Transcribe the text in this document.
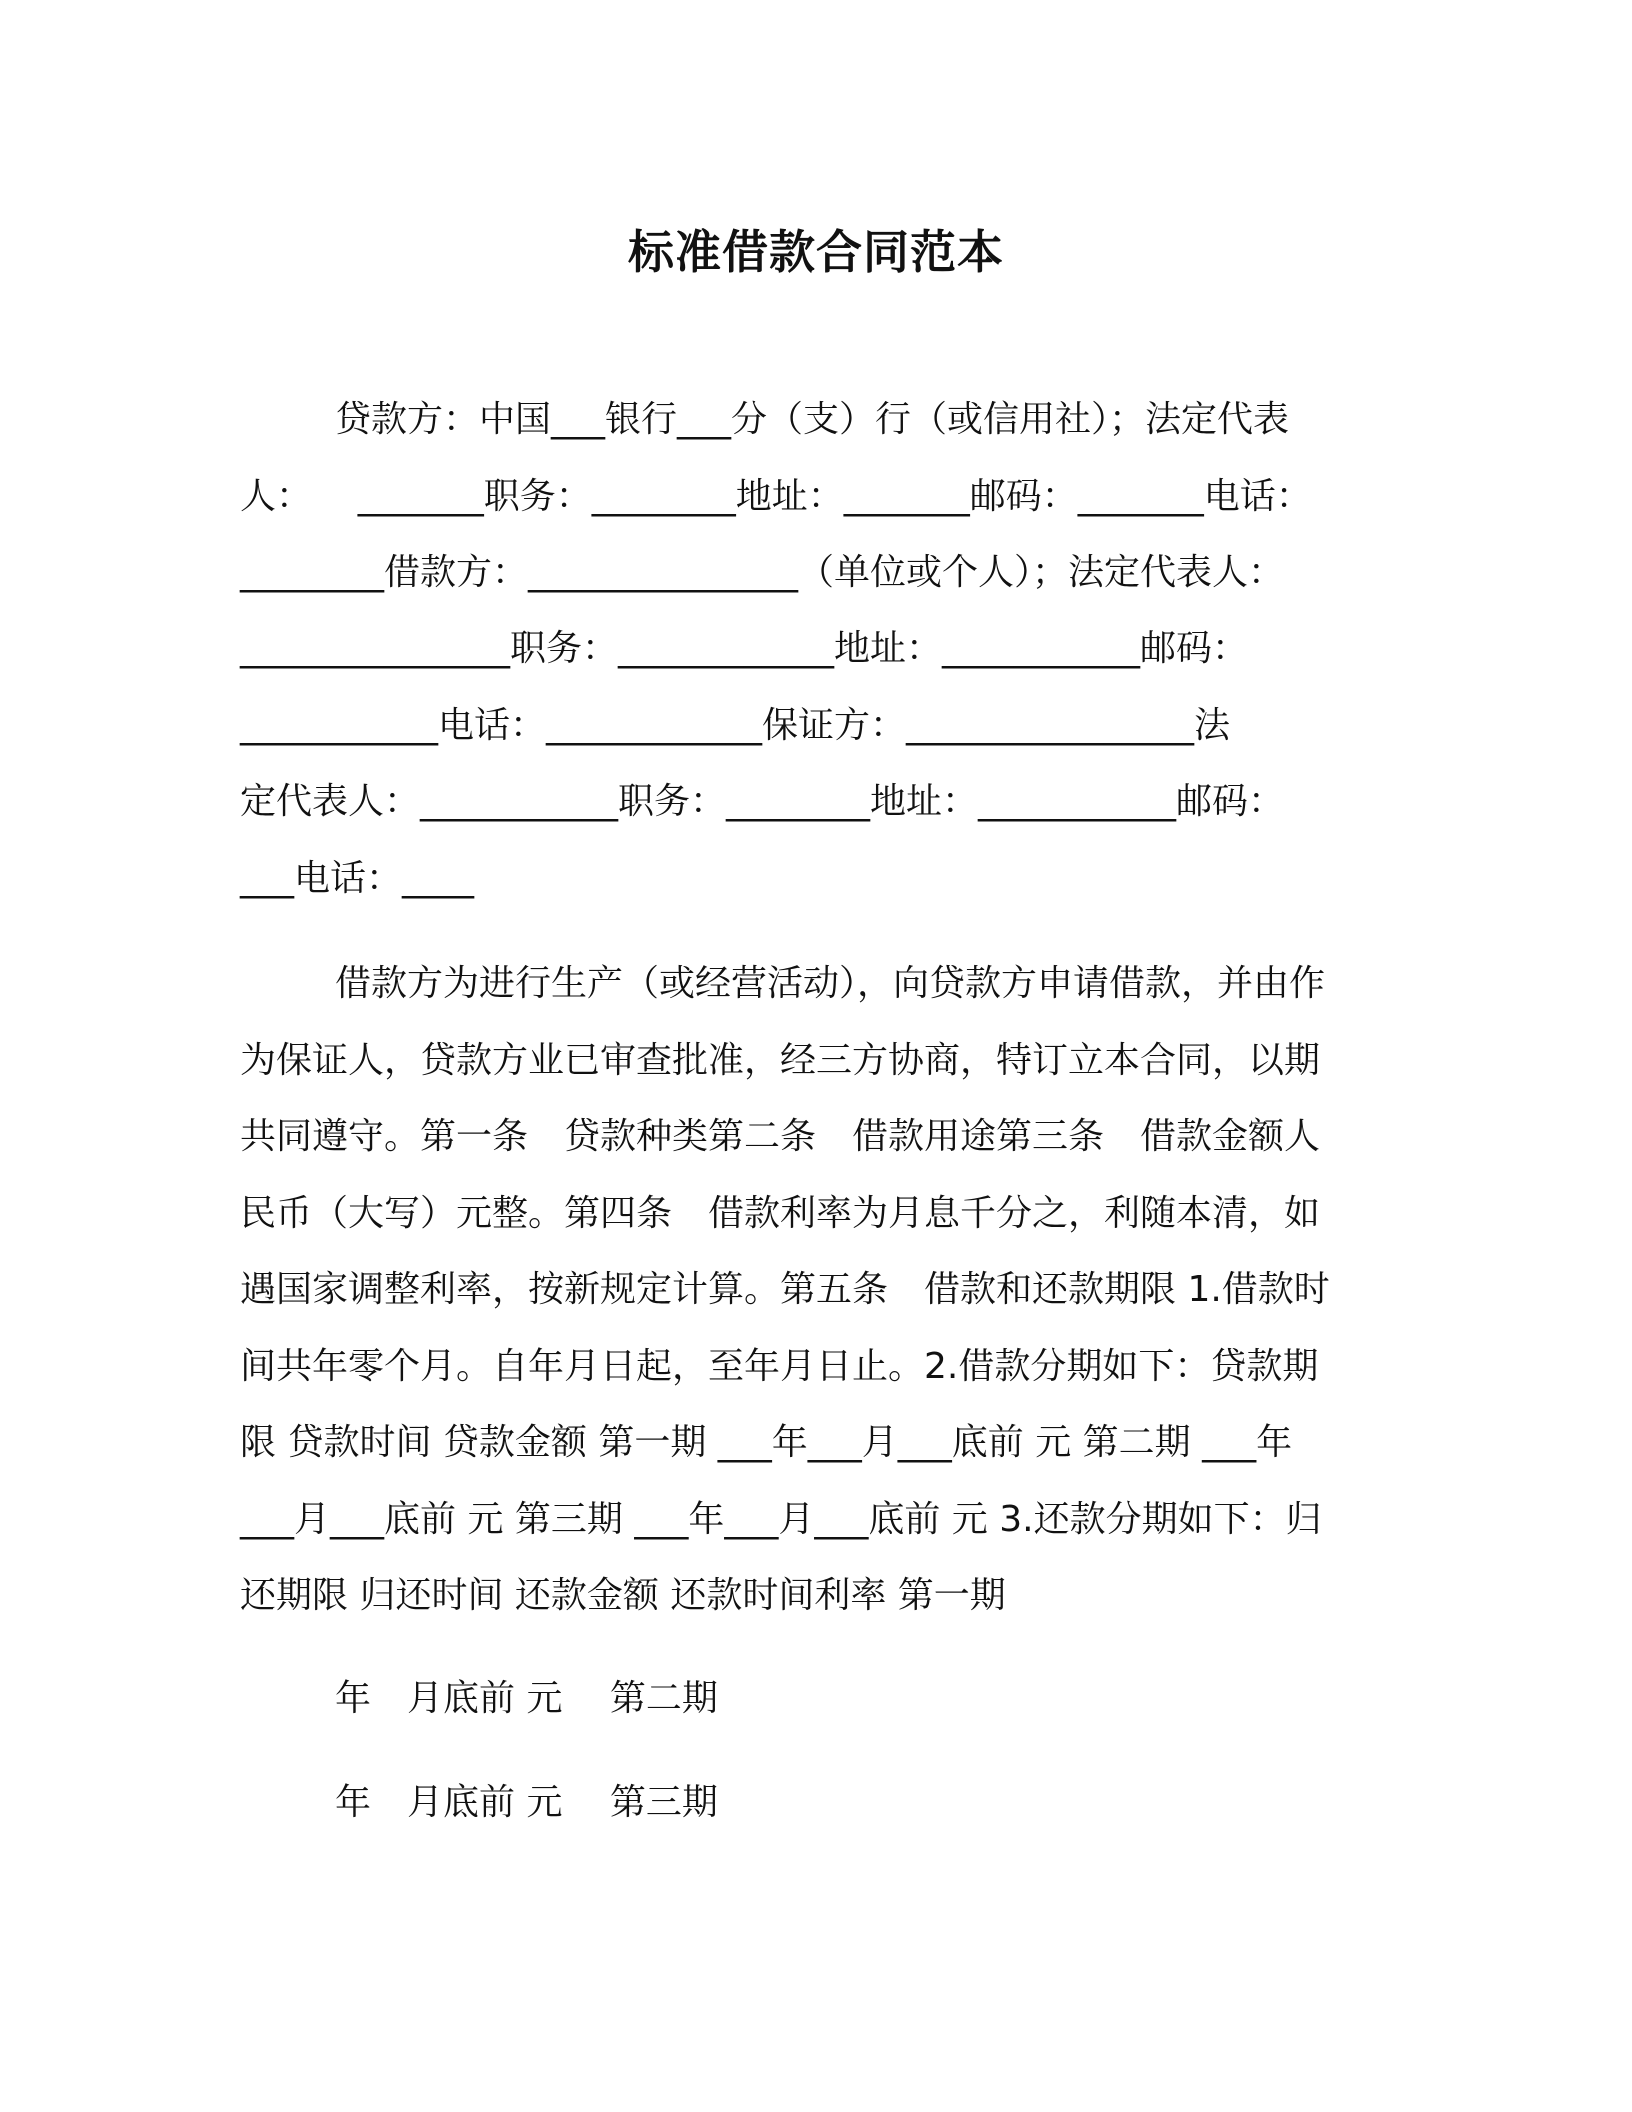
标准借款合同范本
贷款方：中国___银行___分（支）行（或信用社）；法定代表
人：    _______职务：________地址：_______邮码：_______电话：
________借款方：_______________（单位或个人）；法定代表人：
_______________职务：____________地址：___________邮码：
___________电话：____________保证方：________________法
定代表人：___________职务：________地址：___________邮码：
___电话：____
借款方为进行生产（或经营活动），向贷款方申请借款，并由作
为保证人，贷款方业已审查批准，经三方协商，特订立本合同，以期
共同遵守。第一条　贷款种类第二条　借款用途第三条　借款金额人
民币（大写）元整。第四条　借款利率为月息千分之，利随本清，如
遇国家调整利率，按新规定计算。第五条　借款和还款期限 1.借款时
间共年零个月。自年月日起，至年月日止。2.借款分期如下：贷款期
限 贷款时间 贷款金额 第一期 ___年___月___底前 元 第二期 ___年
___月___底前 元 第三期 ___年___月___底前 元 3.还款分期如下：归
还期限 归还时间 还款金额 还款时间利率 第一期
年　月底前 元　 第二期
年　月底前 元　 第三期
